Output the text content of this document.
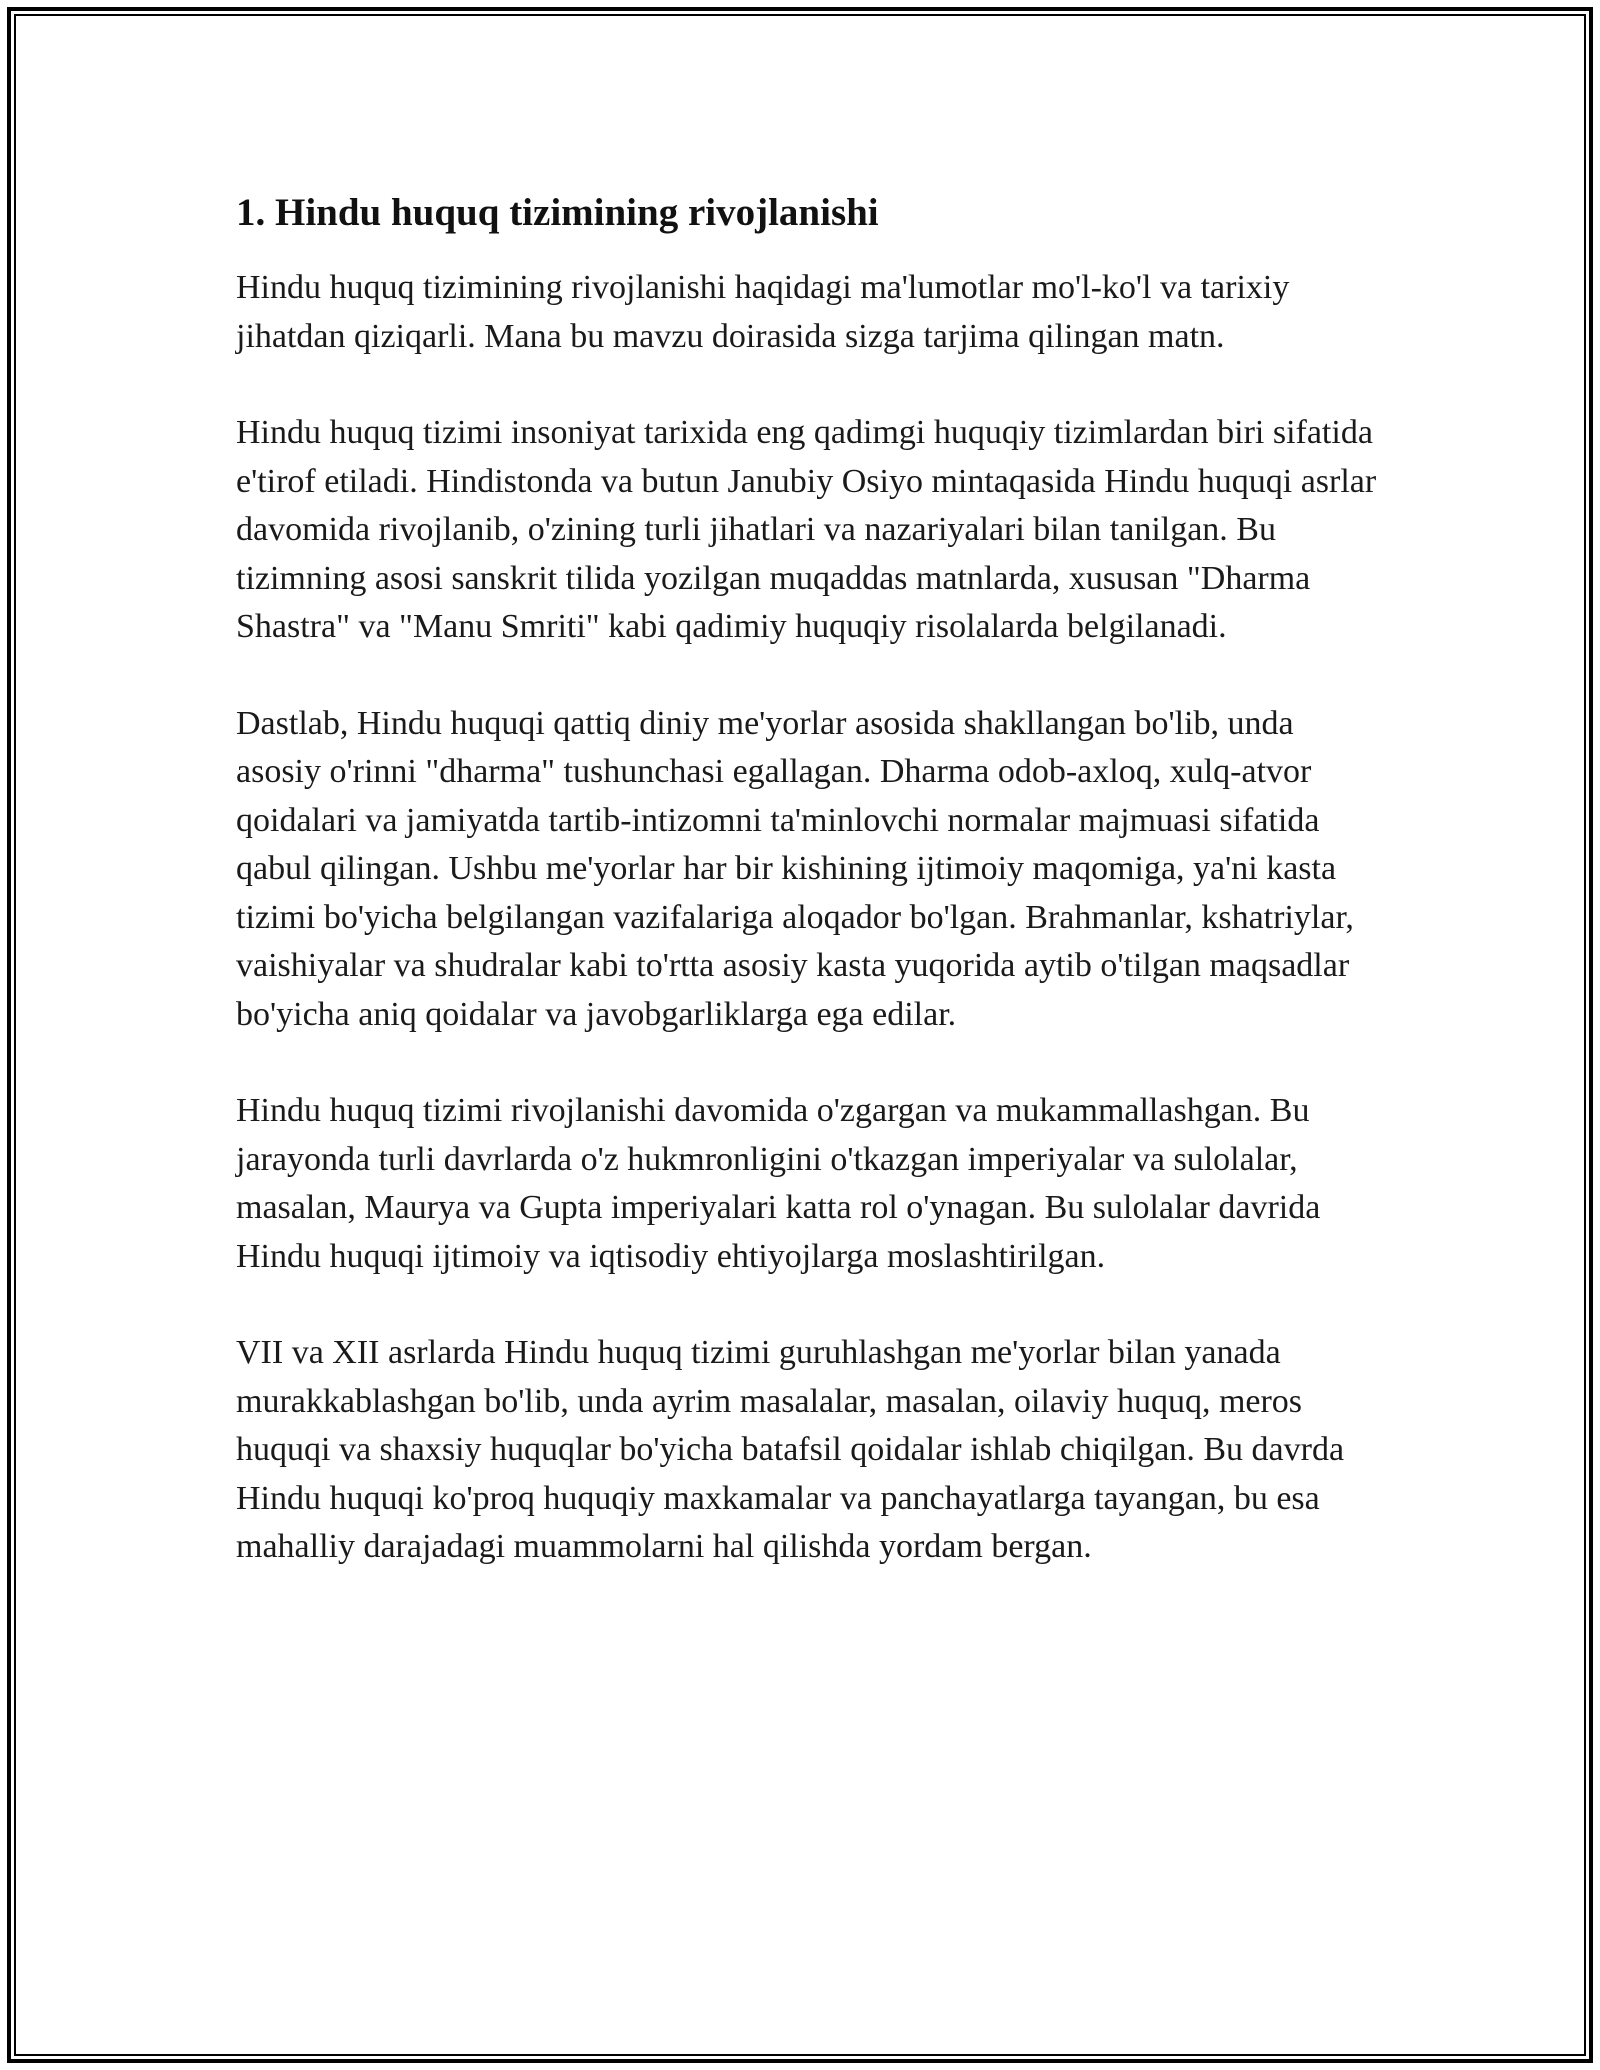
1. Hindu huquq tizimining rivojlanishi

Hindu huquq tizimining rivojlanishi haqidagi ma'lumotlar mo'l-ko'l va tarixiy jihatdan qiziqarli. Mana bu mavzu doirasida sizga tarjima qilingan matn.

Hindu huquq tizimi insoniyat tarixida eng qadimgi huquqiy tizimlardan biri sifatida e'tirof etiladi. Hindistonda va butun Janubiy Osiyo mintaqasida Hindu huquqi asrlar davomida rivojlanib, o'zining turli jihatlari va nazariyalari bilan tanilgan. Bu tizimning asosi sanskrit tilida yozilgan muqaddas matnlarda, xususan "Dharma Shastra" va "Manu Smriti" kabi qadimiy huquqiy risolalarda belgilanadi.

Dastlab, Hindu huquqi qattiq diniy me'yorlar asosida shakllangan bo'lib, unda asosiy o'rinni "dharma" tushunchasi egallagan. Dharma odob-axloq, xulq-atvor qoidalari va jamiyatda tartib-intizomni ta'minlovchi normalar majmuasi sifatida qabul qilingan. Ushbu me'yorlar har bir kishining ijtimoiy maqomiga, ya'ni kasta tizimi bo'yicha belgilangan vazifalariga aloqador bo'lgan. Brahmanlar, kshatriylar, vaishiyalar va shudralar kabi to'rtta asosiy kasta yuqorida aytib o'tilgan maqsadlar bo'yicha aniq qoidalar va javobgarliklarga ega edilar.

Hindu huquq tizimi rivojlanishi davomida o'zgargan va mukammallashgan. Bu jarayonda turli davrlarda o'z hukmronligini o'tkazgan imperiyalar va sulolalar, masalan, Maurya va Gupta imperiyalari katta rol o'ynagan. Bu sulolalar davrida Hindu huquqi ijtimoiy va iqtisodiy ehtiyojlarga moslashtirilgan.

VII va XII asrlarda Hindu huquq tizimi guruhlashgan me'yorlar bilan yanada murakkablashgan bo'lib, unda ayrim masalalar, masalan, oilaviy huquq, meros huquqi va shaxsiy huquqlar bo'yicha batafsil qoidalar ishlab chiqilgan. Bu davrda Hindu huquqi ko'proq huquqiy maxkamalar va panchayatlarga tayangan, bu esa mahalliy darajadagi muammolarni hal qilishda yordam bergan.
